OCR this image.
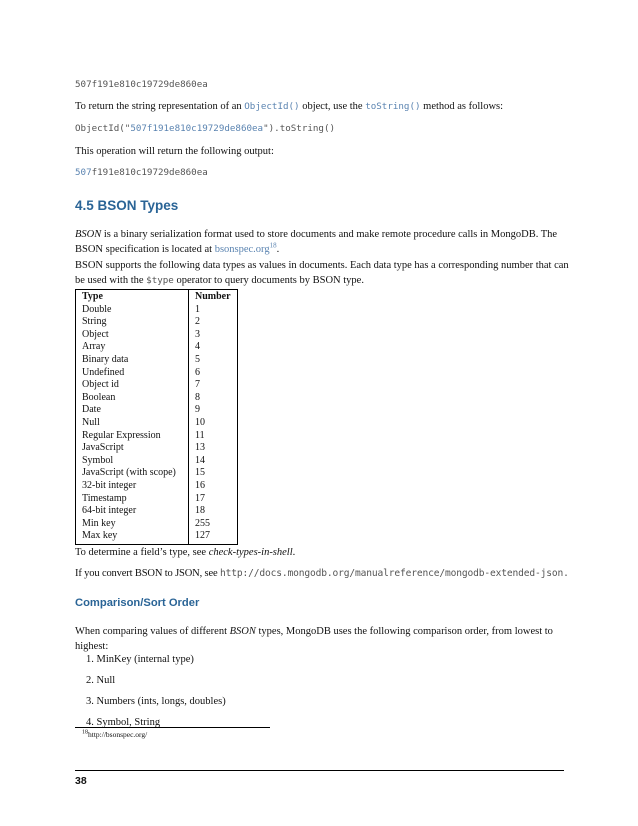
507f191e810c19729de860ea
To return the string representation of an ObjectId() object, use the toString() method as follows:
ObjectId("507f191e810c19729de860ea").toString()
This operation will return the following output:
507f191e810c19729de860ea
4.5 BSON Types
BSON is a binary serialization format used to store documents and make remote procedure calls in MongoDB. The
BSON specification is located at bsonspec.org$^{18}$.
BSON supports the following data types as values in documents. Each data type has a corresponding number that can
be used with the $type operator to query documents by BSON type.
Type	Number
Double	1
String	2
Object	3
Array	4
Binary data	5
Undefined	6
Object id	7
Boolean	8
Date	9
Null	10
Regular Expression	11
JavaScript	13
Symbol	14
JavaScript (with scope)	15
32-bit integer	16
Timestamp	17
64-bit integer	18
Min key	255
Max key	127
To determine a field’s type, see check-types-in-shell.
If you convert BSON to JSON, see http://docs.mongodb.org/manualreference/mongodb-extended-json.
Comparison/Sort Order
When comparing values of different BSON types, MongoDB uses the following comparison order, from lowest to
highest:
1. MinKey (internal type)
2. Null
3. Numbers (ints, longs, doubles)
4. Symbol, String
$^{18}$http://bsonspec.org/
38
